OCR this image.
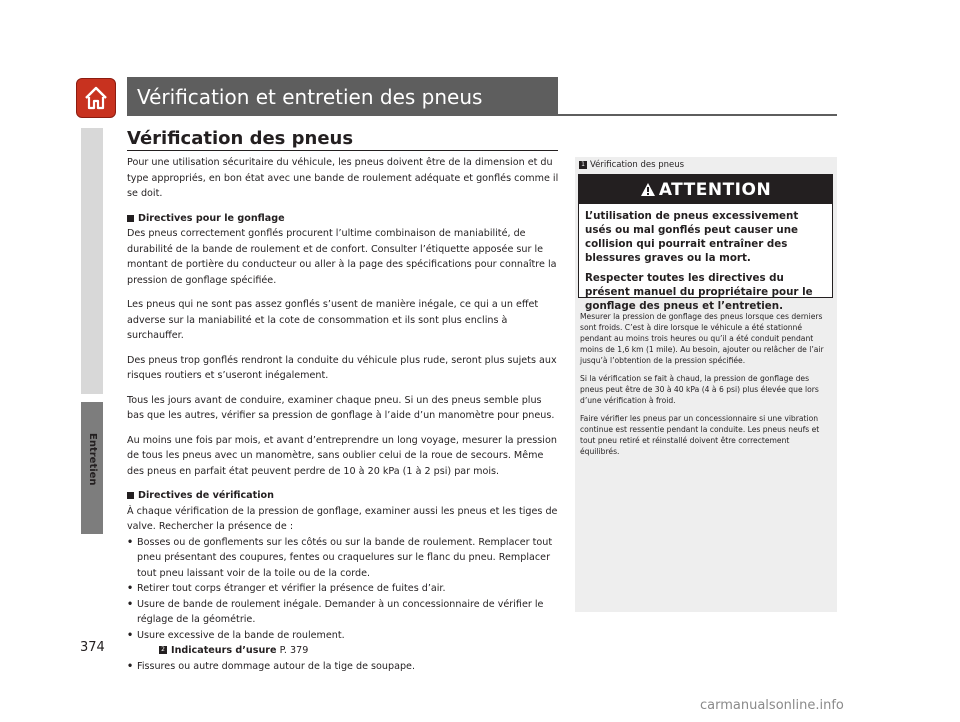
Vérification et entretien des pneus
Entretien
374
Vérification des pneus

Pour une utilisation sécuritaire du véhicule, les pneus doivent être de la dimension et du type appropriés, en bon état avec une bande de roulement adéquate et gonflés comme il se doit.

Directives pour le gonflage

Des pneus correctement gonflés procurent l’ultime combinaison de maniabilité, de durabilité de la bande de roulement et de confort. Consulter l’étiquette apposée sur le montant de portière du conducteur ou aller à la page des spécifications pour connaître la pression de gonflage spécifiée.

Les pneus qui ne sont pas assez gonflés s’usent de manière inégale, ce qui a un effet adverse sur la maniabilité et la cote de consommation et ils sont plus enclins à surchauffer.

Des pneus trop gonflés rendront la conduite du véhicule plus rude, seront plus sujets aux risques routiers et s’useront inégalement.

Tous les jours avant de conduire, examiner chaque pneu. Si un des pneus semble plus bas que les autres, vérifier sa pression de gonflage à l’aide d’un manomètre pour pneus.

Au moins une fois par mois, et avant d’entreprendre un long voyage, mesurer la pression de tous les pneus avec un manomètre, sans oublier celui de la roue de secours. Même des pneus en parfait état peuvent perdre de 10 à 20 kPa (1 à 2 psi) par mois.

Directives de vérification
À chaque vérification de la pression de gonflage, examiner aussi les pneus et les tiges de valve. Rechercher la présence de :
• Bosses ou de gonflements sur les côtés ou sur la bande de roulement. Remplacer tout pneu présentant des coupures, fentes ou craquelures sur le flanc du pneu. Remplacer tout pneu laissant voir de la toile ou de la corde.
• Retirer tout corps étranger et vérifier la présence de fuites d’air.
• Usure de bande de roulement inégale. Demander à un concessionnaire de vérifier le réglage de la géométrie.
• Usure excessive de la bande de roulement.
2 Indicateurs d’usure P. 379
• Fissures ou autre dommage autour de la tige de soupape.
1 Vérification des pneus
ATTENTION

L’utilisation de pneus excessivement usés ou mal gonflés peut causer une collision qui pourrait entraîner des blessures graves ou la mort.

Respecter toutes les directives du présent manuel du propriétaire pour le gonflage des pneus et l’entretien.

Mesurer la pression de gonflage des pneus lorsque ces derniers sont froids. C’est à dire lorsque le véhicule a été stationné pendant au moins trois heures ou qu’il a été conduit pendant moins de 1,6 km (1 mile). Au besoin, ajouter ou relâcher de l’air jusqu’à l’obtention de la pression spécifiée.

Si la vérification se fait à chaud, la pression de gonflage des pneus peut être de 30 à 40 kPa (4 à 6 psi) plus élevée que lors d’une vérification à froid.

Faire vérifier les pneus par un concessionnaire si une vibration continue est ressentie pendant la conduite. Les pneus neufs et tout pneu retiré et réinstallé doivent être correctement équilibrés.

carmanualsonline.info
